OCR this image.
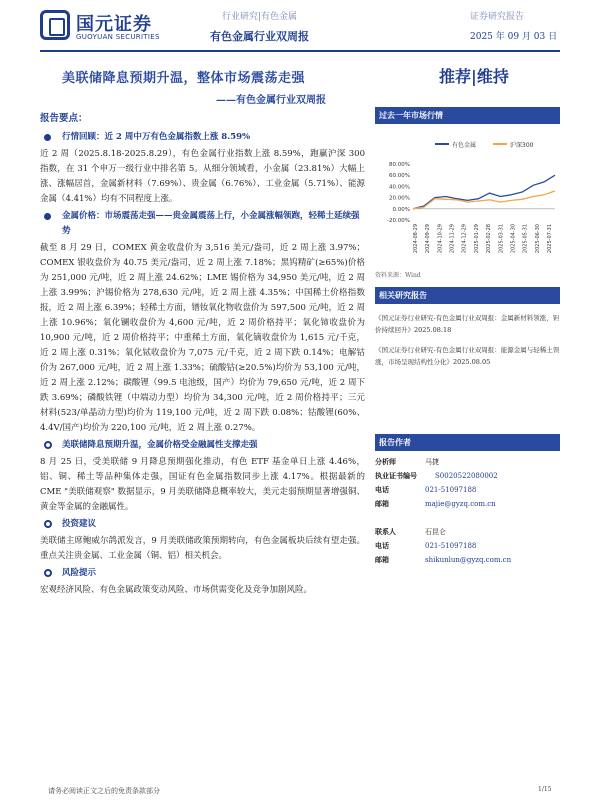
国元证券
GUOYUAN SECURITIES
行业研究|有色金属
有色金属行业双周报
证券研究报告
2025 年 09 月 03 日
美联储降息预期升温，整体市场震荡走强
——有色金属行业双周报
推荐|维持
报告要点：
行情回顾：近 2 周中万有色金属指数上涨 8.59%
近 2 周（2025.8.18-2025.8.29），有色金属行业指数上涨 8.59%，跑赢沪深 300 指数，在 31 个申万一级行业中排名第 5。从细分领域看，小金属（23.81%）大幅上涨、涨幅居首，金属新材料（7.69%）、贵金属（6.76%）、工业金属（5.71%）、能源金属（4.41%）均有不同程度上涨。
金属价格：市场震荡走强——贵金属震荡上行，小金属涨幅领跑，轻稀土延续强势
截至 8 月 29 日，COMEX 黄金收盘价为 3,516 美元/盎司，近 2 周上涨 3.97%；COMEX 银收盘价为 40.75 美元/盎司，近 2 周上涨 7.18%；黑钨精矿(≥65%)价格为 251,000 元/吨，近 2 周上涨 24.62%；LME 锡价格为 34,950 美元/吨，近 2 周上涨 3.99%；沪锡价格为 278,630 元/吨，近 2 周上涨 4.35%；中国稀土价格指数报，近 2 周上涨 6.39%；轻稀土方面，镨钕氧化物收盘价为 597,500 元/吨，近 2 周上涨 10.96%；氧化镧收盘价为 4,600 元/吨，近 2 周价格持平；氧化铈收盘价为 10,900 元/吨，近 2 周价格持平；中重稀土方面，氧化镝收盘价为 1,615 元/千克，近 2 周上涨 0.31%；氧化铽收盘价为 7,075 元/千克，近 2 周下跌 0.14%；电解钴价为 267,000 元/吨，近 2 周上涨 1.33%；硫酸钴(≥20.5%)均价为 53,100 元/吨，近 2 周上涨 2.12%；碳酸锂（99.5 电池级，国产）均价为 79,650 元/吨，近 2 周下跌 3.69%；磷酸铁锂（中端动力型）均价为 34,300 元/吨，近 2 周价格持平；三元材料(523/单晶动力型)均价为 119,100 元/吨，近 2 周下跌 0.08%；钴酸锂(60%、4.4V/国产)均价为 220,100 元/吨，近 2 周上涨 0.27%。
美联储降息预期升温，金属价格受金融属性支撑走强
8 月 25 日，受美联储 9 月降息预期强化推动，有色 ETF 基金单日上涨 4.46%，铝、铜、稀土等品种集体走强，国证有色金属指数同步上涨 4.17%。根据最新的 CME "美联储观察" 数据显示，9 月美联储降息概率较大，美元走弱预期显著增强铜、黄金等金属的金融属性。
投资建议
美联储主席鲍威尔鸽派发言，9 月美联储政策预期转向，有色金属板块后续有望走强。重点关注贵金属、工业金属（铜、铝）相关机会。
风险提示
宏观经济风险、有色金属政策变动风险、市场供需变化及竞争加剧风险。
过去一年市场行情
有色金属	沪深300
80.00%
60.00%
40.00%
20.00%
0.00%
-20.00%
2024-08-29 2024-09-29 2024-10-29 2024-11-29 2024-12-29 2025-01-29 2025-02-28 2025-03-31 2025-04-30 2025-05-31 2025-06-30 2025-07-31
资料来源：Wind
相关研究报告
《国元证券行业研究-有色金属行业双周报：金属新材料领涨，钽价持续回升》2025.08.18
《国元证券行业研究-有色金属行业双周报：能源金属与轻稀土领涨，市场呈现结构性分化》2025.08.05
报告作者
分析师	马捷
执业证书编号	S0020522080002
电话	021-51097188
邮箱	majie@gyzq.com.cn
联系人	石昆仑
电话	021-51097188
邮箱	shikunlun@gyzq.com.cn
请务必阅读正文之后的免责条款部分	1/15
